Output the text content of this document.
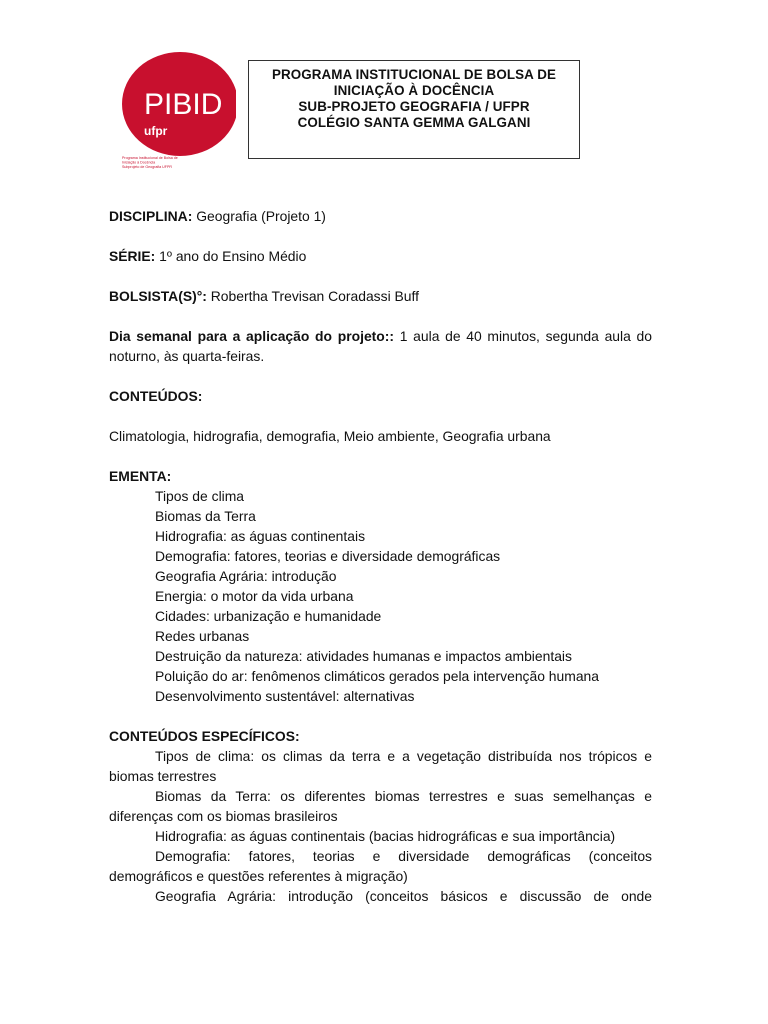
PIBID
ufpr
Programa Institucional de Bolsa de
Iniciação à Docência
Subprojeto de Geografia UFPR
PROGRAMA INSTITUCIONAL DE BOLSA DE
INICIAÇÃO À DOCÊNCIA
SUB-PROJETO GEOGRAFIA / UFPR
COLÉGIO SANTA GEMMA GALGANI

DISCIPLINA: Geografia (Projeto 1)

SÉRIE: 1º ano do Ensino Médio

BOLSISTA(S)°: Robertha Trevisan Coradassi Buff

Dia semanal para a aplicação do projeto:: 1 aula de 40 minutos, segunda aula do noturno, às quarta-feiras.

CONTEÚDOS:

Climatologia, hidrografia, demografia, Meio ambiente, Geografia urbana

EMENTA:

Tipos de clima
Biomas da Terra
Hidrografia: as águas continentais
Demografia: fatores, teorias e diversidade demográficas
Geografia Agrária: introdução
Energia: o motor da vida urbana
Cidades: urbanização e humanidade
Redes urbanas
Destruição da natureza: atividades humanas e impactos ambientais
Poluição do ar: fenômenos climáticos gerados pela intervenção humana
Desenvolvimento sustentável: alternativas

CONTEÚDOS ESPECÍFICOS:

Tipos de clima: os climas da terra e a vegetação distribuída nos trópicos e biomas terrestres

Biomas da Terra: os diferentes biomas terrestres e suas semelhanças e diferenças com os biomas brasileiros

Hidrografia: as águas continentais (bacias hidrográficas e sua importância)

Demografia: fatores, teorias e diversidade demográficas (conceitos demográficos e questões referentes à migração)

Geografia Agrária: introdução (conceitos básicos e discussão de onde
